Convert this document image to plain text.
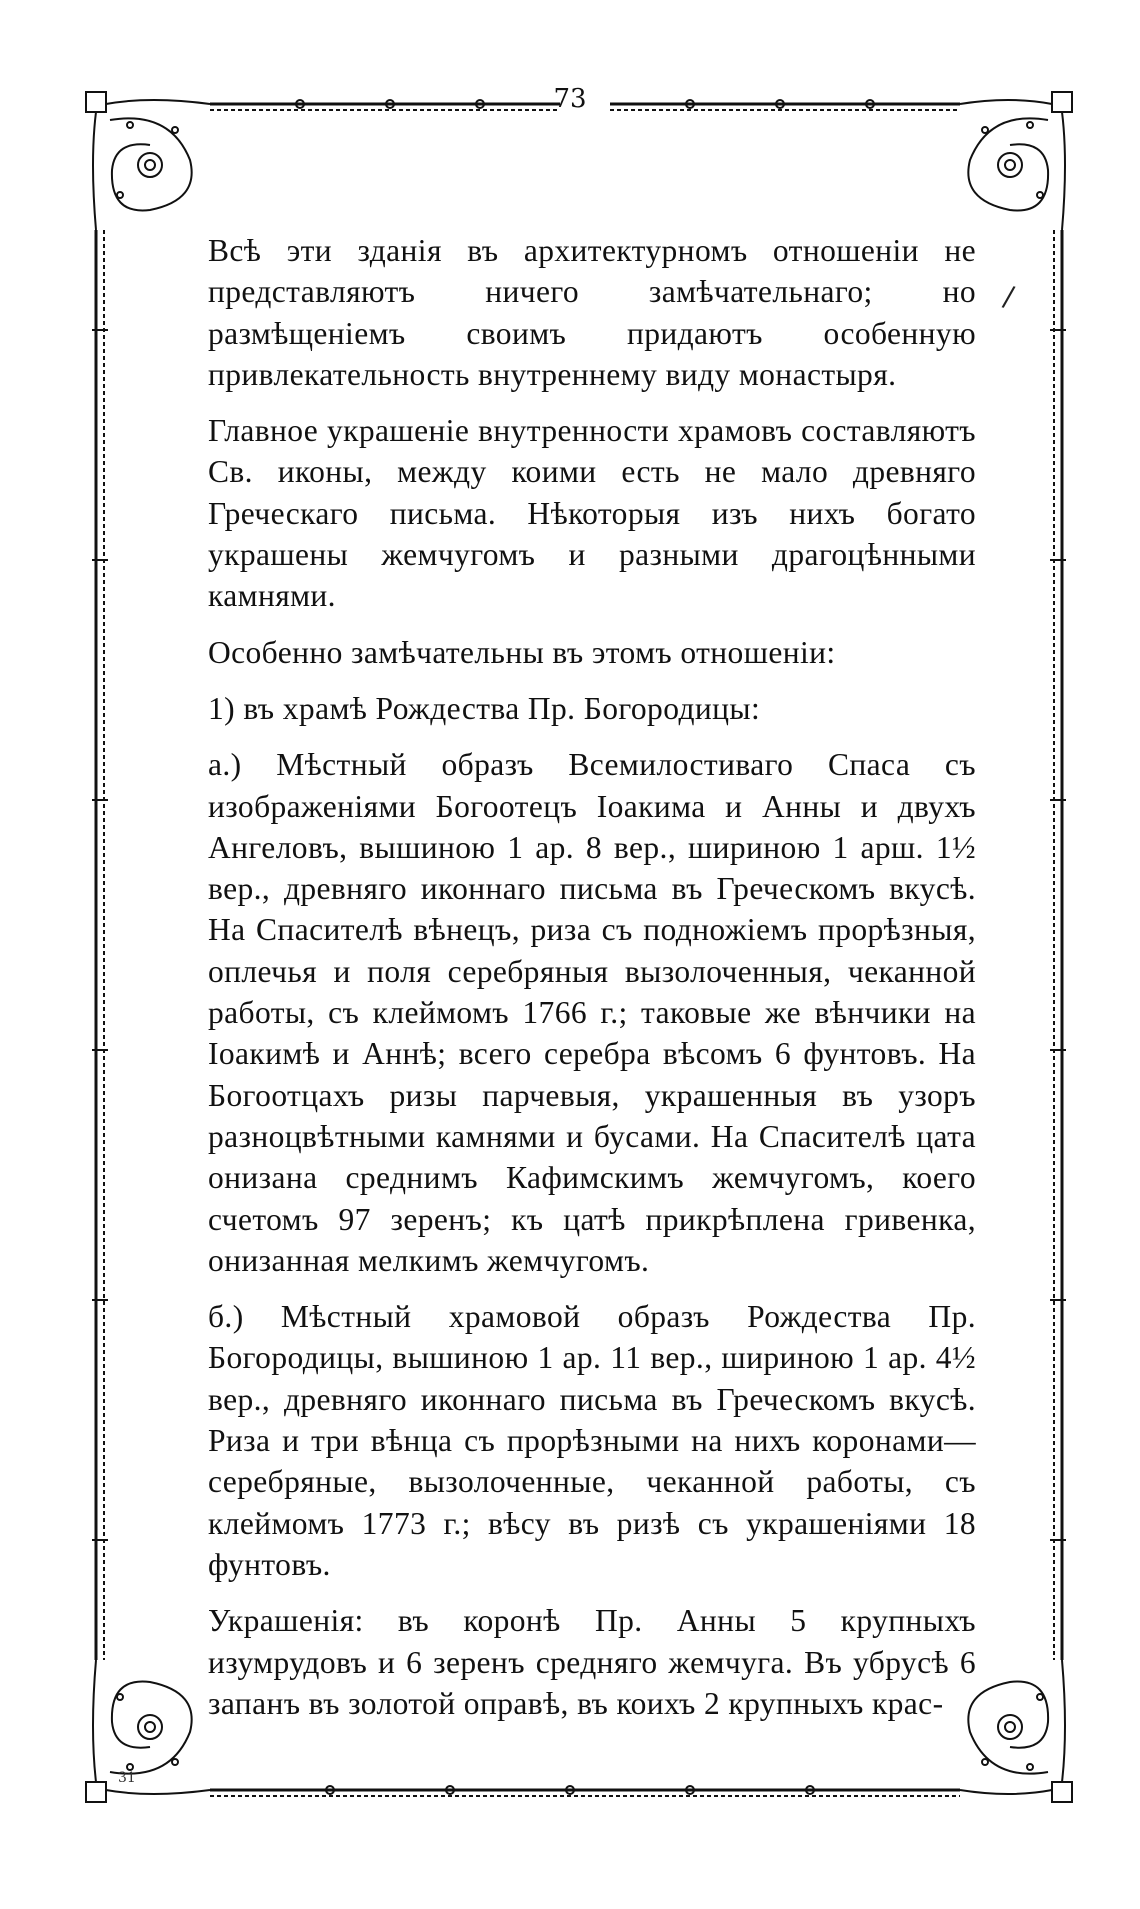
73

Всѣ эти зданія въ архитектурномъ отношеніи не представляютъ ничего замѣчательнаго; но размѣщеніемъ своимъ придаютъ особенную привлекательность внутреннему виду монастыря.

Главное украшеніе внутренности храмовъ составляютъ Св. иконы, между коими есть не мало древняго Греческаго письма. Нѣкоторыя изъ нихъ богато украшены жемчугомъ и разными драгоцѣнными камнями.

Особенно замѣчательны въ этомъ отношеніи:

1) въ храмѣ Рождества Пр. Богородицы:

а.) Мѣстный образъ Всемилостиваго Спаса съ изображеніями Богоотецъ Іоакима и Анны и двухъ Ангеловъ, вышиною 1 ар. 8 вер., шириною 1 арш. 1½ вер., древняго иконнаго письма въ Греческомъ вкусѣ. На Спасителѣ вѣнецъ, риза съ подножіемъ прорѣзныя, оплечья и поля серебряныя вызолоченныя, чеканной работы, съ клеймомъ 1766 г.; таковые же вѣнчики на Іоакимѣ и Аннѣ; всего серебра вѣсомъ 6 фунтовъ. На Богоотцахъ ризы парчевыя, украшенныя въ узоръ разноцвѣтными камнями и бусами. На Спасителѣ цата онизана среднимъ Кафимскимъ жемчугомъ, коего счетомъ 97 зеренъ; къ цатѣ прикрѣплена гривенка, онизанная мелкимъ жемчугомъ.

б.) Мѣстный храмовой образъ Рождества Пр. Богородицы, вышиною 1 ар. 11 вер., шириною 1 ар. 4½ вер., древняго иконнаго письма въ Греческомъ вкусѣ. Риза и три вѣнца съ прорѣзными на нихъ коронами— серебряные, вызолоченные, чеканной работы, съ клеймомъ 1773 г.; вѣсу въ ризѣ съ украшеніями 18 фунтовъ.

Украшенія: въ коронѣ Пр. Анны 5 крупныхъ изумрудовъ и 6 зеренъ средняго жемчуга. Въ убрусѣ 6 запанъ въ золотой оправѣ, въ коихъ 2 крупныхъ крас-

/
31
